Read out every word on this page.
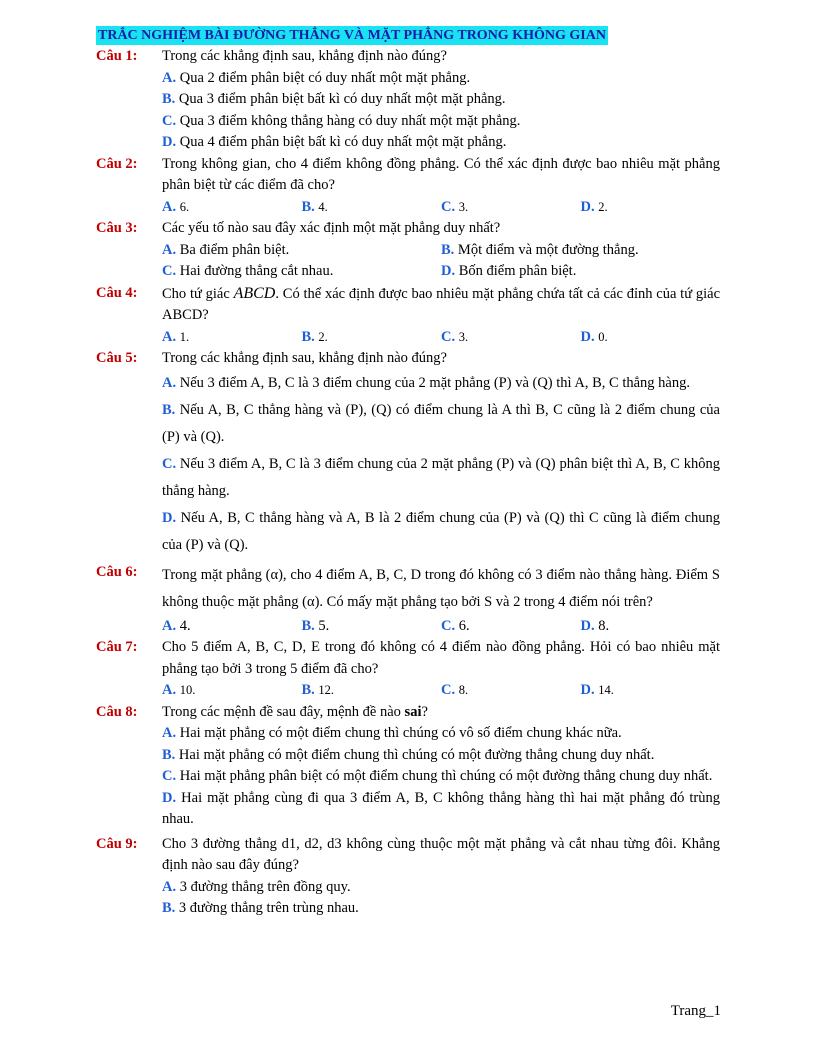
TRẮC NGHIỆM BÀI ĐƯỜNG THẲNG VÀ MẶT PHẲNG TRONG KHÔNG GIAN
Câu 1: Trong các khẳng định sau, khẳng định nào đúng?
A. Qua 2 điểm phân biệt có duy nhất một mặt phẳng.
B. Qua 3 điểm phân biệt bất kì có duy nhất một mặt phẳng.
C. Qua 3 điểm không thẳng hàng có duy nhất một mặt phẳng.
D. Qua 4 điểm phân biệt bất kì có duy nhất một mặt phẳng.
Câu 2: Trong không gian, cho 4 điểm không đồng phẳng. Có thể xác định được bao nhiêu mặt phẳng phân biệt từ các điểm đã cho?
A. 6.	B. 4.	C. 3.	D. 2.
Câu 3: Các yếu tố nào sau đây xác định một mặt phẳng duy nhất?
A. Ba điểm phân biệt.	B. Một điểm và một đường thẳng.
C. Hai đường thẳng cắt nhau.	D. Bốn điểm phân biệt.
Câu 4: Cho tứ giác ABCD. Có thể xác định được bao nhiêu mặt phẳng chứa tất cả các đỉnh của tứ giác ABCD?
A. 1.	B. 2.	C. 3.	D. 0.
Câu 5: Trong các khẳng định sau, khẳng định nào đúng?
A. Nếu 3 điểm A, B, C là 3 điểm chung của 2 mặt phẳng (P) và (Q) thì A, B, C thẳng hàng.
B. Nếu A, B, C thẳng hàng và (P), (Q) có điểm chung là A thì B, C cũng là 2 điểm chung của (P) và (Q).
C. Nếu 3 điểm A, B, C là 3 điểm chung của 2 mặt phẳng (P) và (Q) phân biệt thì A, B, C không thẳng hàng.
D. Nếu A, B, C thẳng hàng và A, B là 2 điểm chung của (P) và (Q) thì C cũng là điểm chung của (P) và (Q).
Câu 6: Trong mặt phẳng (α), cho 4 điểm A, B, C, D trong đó không có 3 điểm nào thẳng hàng. Điểm S không thuộc mặt phẳng (α). Có mấy mặt phẳng tạo bởi S và 2 trong 4 điểm nói trên?
A. 4.	B. 5.	C. 6.	D. 8.
Câu 7: Cho 5 điểm A, B, C, D, E trong đó không có 4 điểm nào đồng phẳng. Hỏi có bao nhiêu mặt phẳng tạo bởi 3 trong 5 điểm đã cho?
A. 10.	B. 12.	C. 8.	D. 14.
Câu 8: Trong các mệnh đề sau đây, mệnh đề nào sai?
A. Hai mặt phẳng có một điểm chung thì chúng có vô số điểm chung khác nữa.
B. Hai mặt phẳng có một điểm chung thì chúng có một đường thẳng chung duy nhất.
C. Hai mặt phẳng phân biệt có một điểm chung thì chúng có một đường thẳng chung duy nhất.
D. Hai mặt phẳng cùng đi qua 3 điểm A, B, C không thẳng hàng thì hai mặt phẳng đó trùng nhau.
Câu 9: Cho 3 đường thẳng d1, d2, d3 không cùng thuộc một mặt phẳng và cắt nhau từng đôi. Khẳng định nào sau đây đúng?
A. 3 đường thẳng trên đồng quy.
B. 3 đường thẳng trên trùng nhau.
Trang_1
